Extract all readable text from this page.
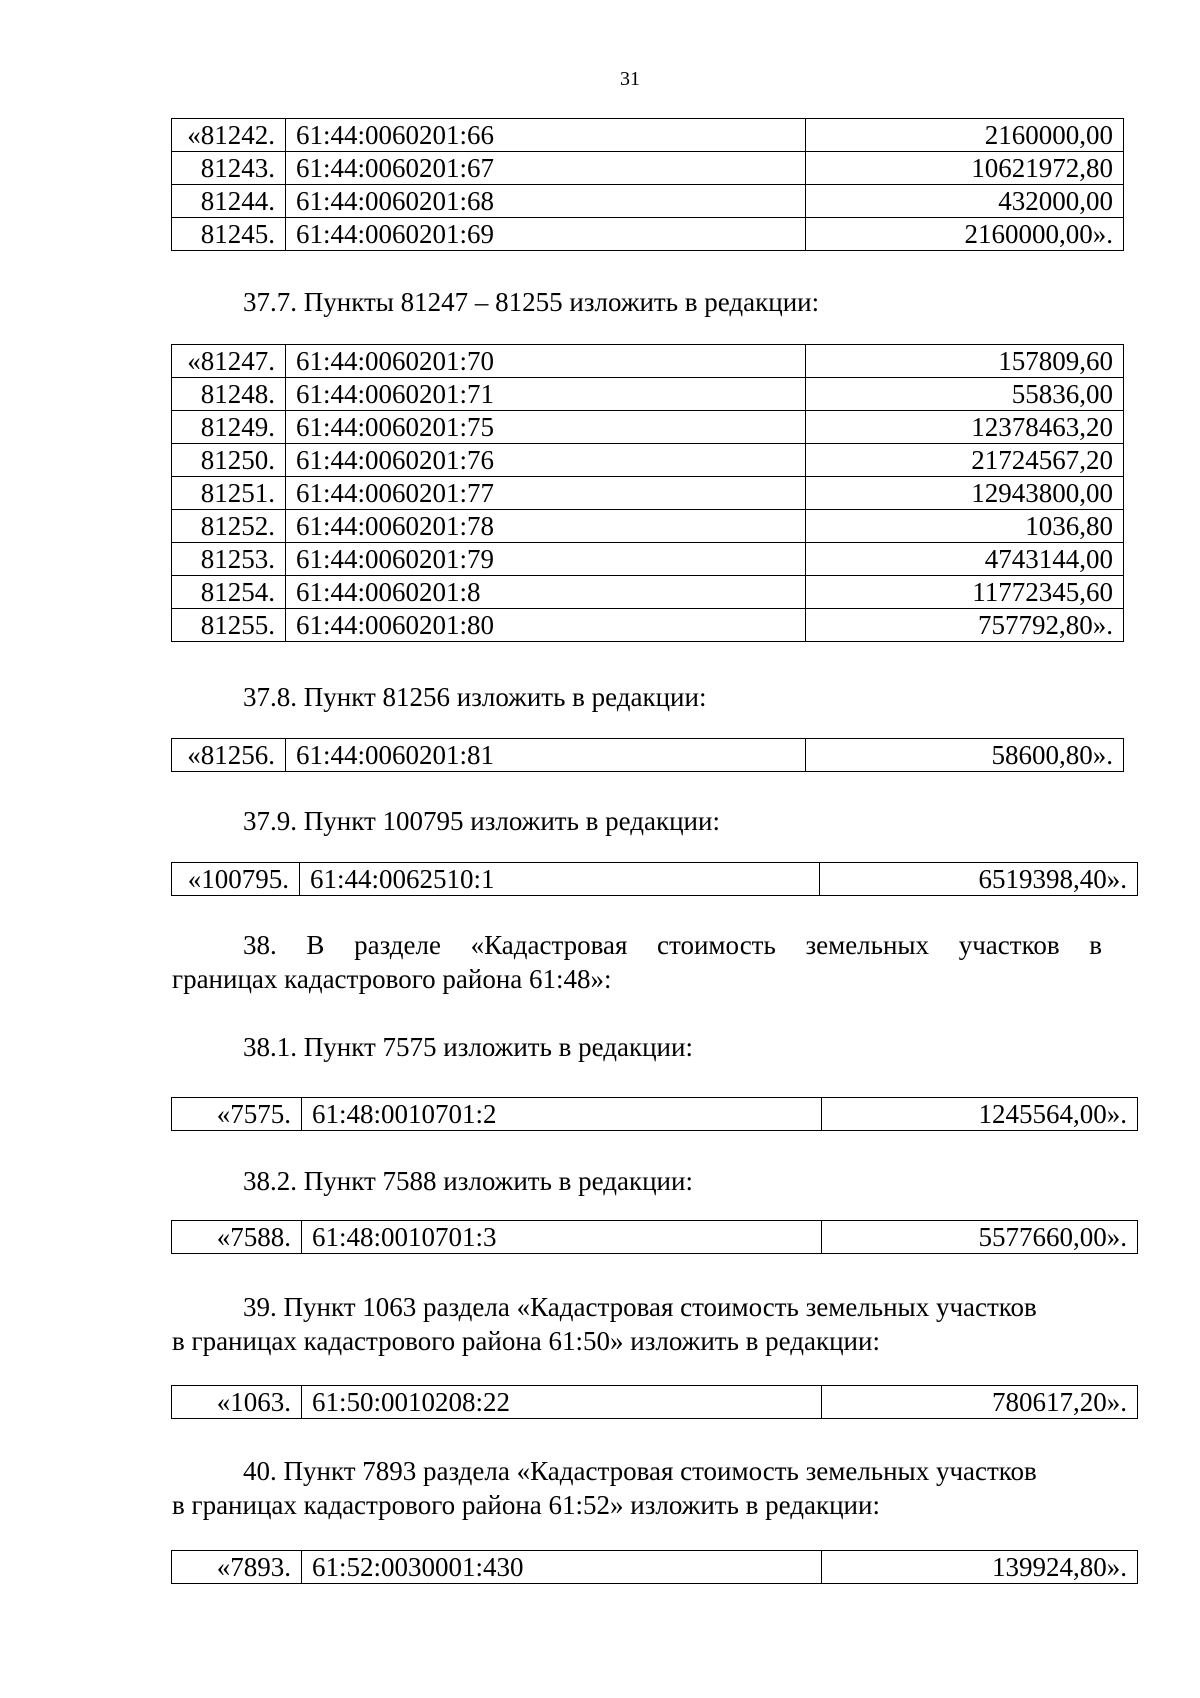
31
«81242.	61:44:0060201:66	2160000,00
81243.	61:44:0060201:67	10621972,80
81244.	61:44:0060201:68	432000,00
81245.	61:44:0060201:69	2160000,00».

37.7. Пункты 81247 – 81255 изложить в редакции:

«81247.	61:44:0060201:70	157809,60
81248.	61:44:0060201:71	55836,00
81249.	61:44:0060201:75	12378463,20
81250.	61:44:0060201:76	21724567,20
81251.	61:44:0060201:77	12943800,00
81252.	61:44:0060201:78	1036,80
81253.	61:44:0060201:79	4743144,00
81254.	61:44:0060201:8	11772345,60
81255.	61:44:0060201:80	757792,80».

37.8. Пункт 81256 изложить в редакции:

«81256.	61:44:0060201:81	58600,80».

37.9. Пункт 100795 изложить в редакции:

«100795.	61:44:0062510:1	6519398,40».
38. В разделе «Кадастровая стоимость земельных участков в
границах кадастрового района 61:48»:

38.1. Пункт 7575 изложить в редакции:

«7575.	61:48:0010701:2	1245564,00».

38.2. Пункт 7588 изложить в редакции:

«7588.	61:48:0010701:3	5577660,00».
39. Пункт 1063 раздела «Кадастровая стоимость земельных участков
в границах кадастрового района 61:50» изложить в редакции:
«1063.	61:50:0010208:22	780617,20».
40. Пункт 7893 раздела «Кадастровая стоимость земельных участков
в границах кадастрового района 61:52» изложить в редакции:
«7893.	61:52:0030001:430	139924,80».
